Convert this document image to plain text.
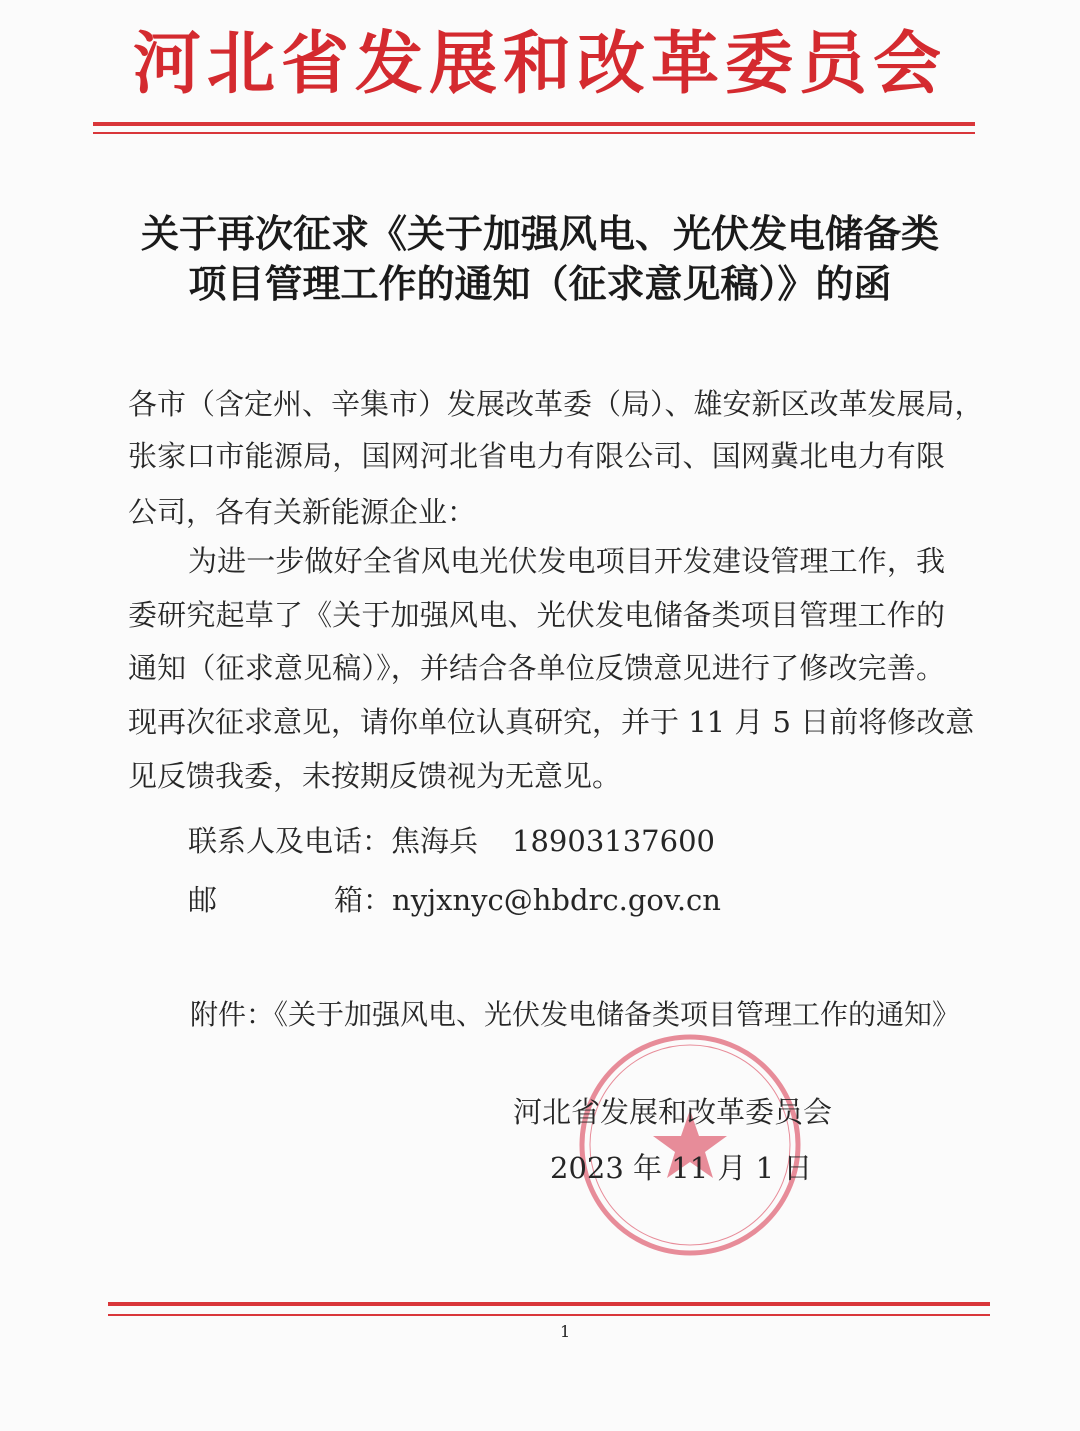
河北省发展和改革委员会
关于再次征求《关于加强风电、光伏发电储备类
项目管理工作的通知（征求意见稿）》的函
各市（含定州、辛集市）发展改革委（局）、雄安新区改革发展局，
张家口市能源局，国网河北省电力有限公司、国网冀北电力有限
公司，各有关新能源企业：
为进一步做好全省风电光伏发电项目开发建设管理工作，我
委研究起草了《关于加强风电、光伏发电储备类项目管理工作的
通知（征求意见稿）》，并结合各单位反馈意见进行了修改完善。
现再次征求意见，请你单位认真研究，并于 11 月 5 日前将修改意
见反馈我委，未按期反馈视为无意见。
联系人及电话：焦海兵 18903137600
邮	箱：nyjxnyc@hbdrc.gov.cn
附件：《关于加强风电、光伏发电储备类项目管理工作的通知》
河北省发展和改革委员会
2023 年 11 月 1 日
1
